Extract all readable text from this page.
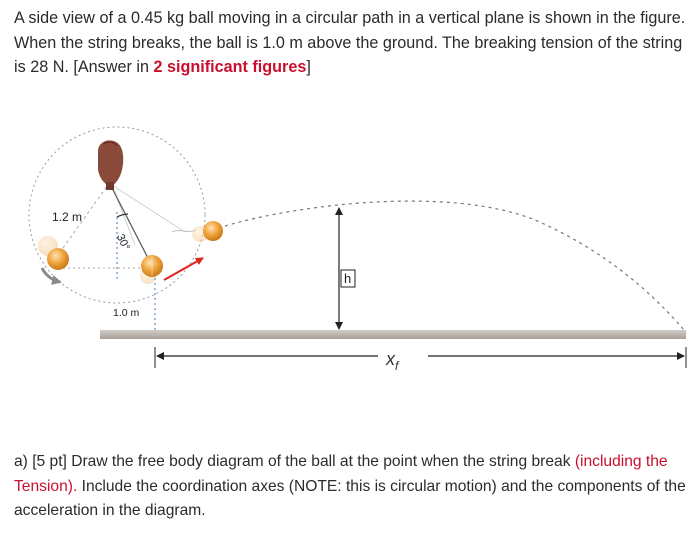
A side view of a 0.45 kg ball moving in a circular path in a vertical plane is shown in the figure. When the string breaks, the ball is 1.0 m above the ground. The breaking tension of the string is 28 N. [Answer in 2 significant figures]

30°
1.2 m
1.0 m
h
$x_f$

a) [5 pt] Draw the free body diagram of the ball at the point when the string break (including the Tension). Include the coordination axes (NOTE: this is circular motion) and the components of the acceleration in the diagram.
